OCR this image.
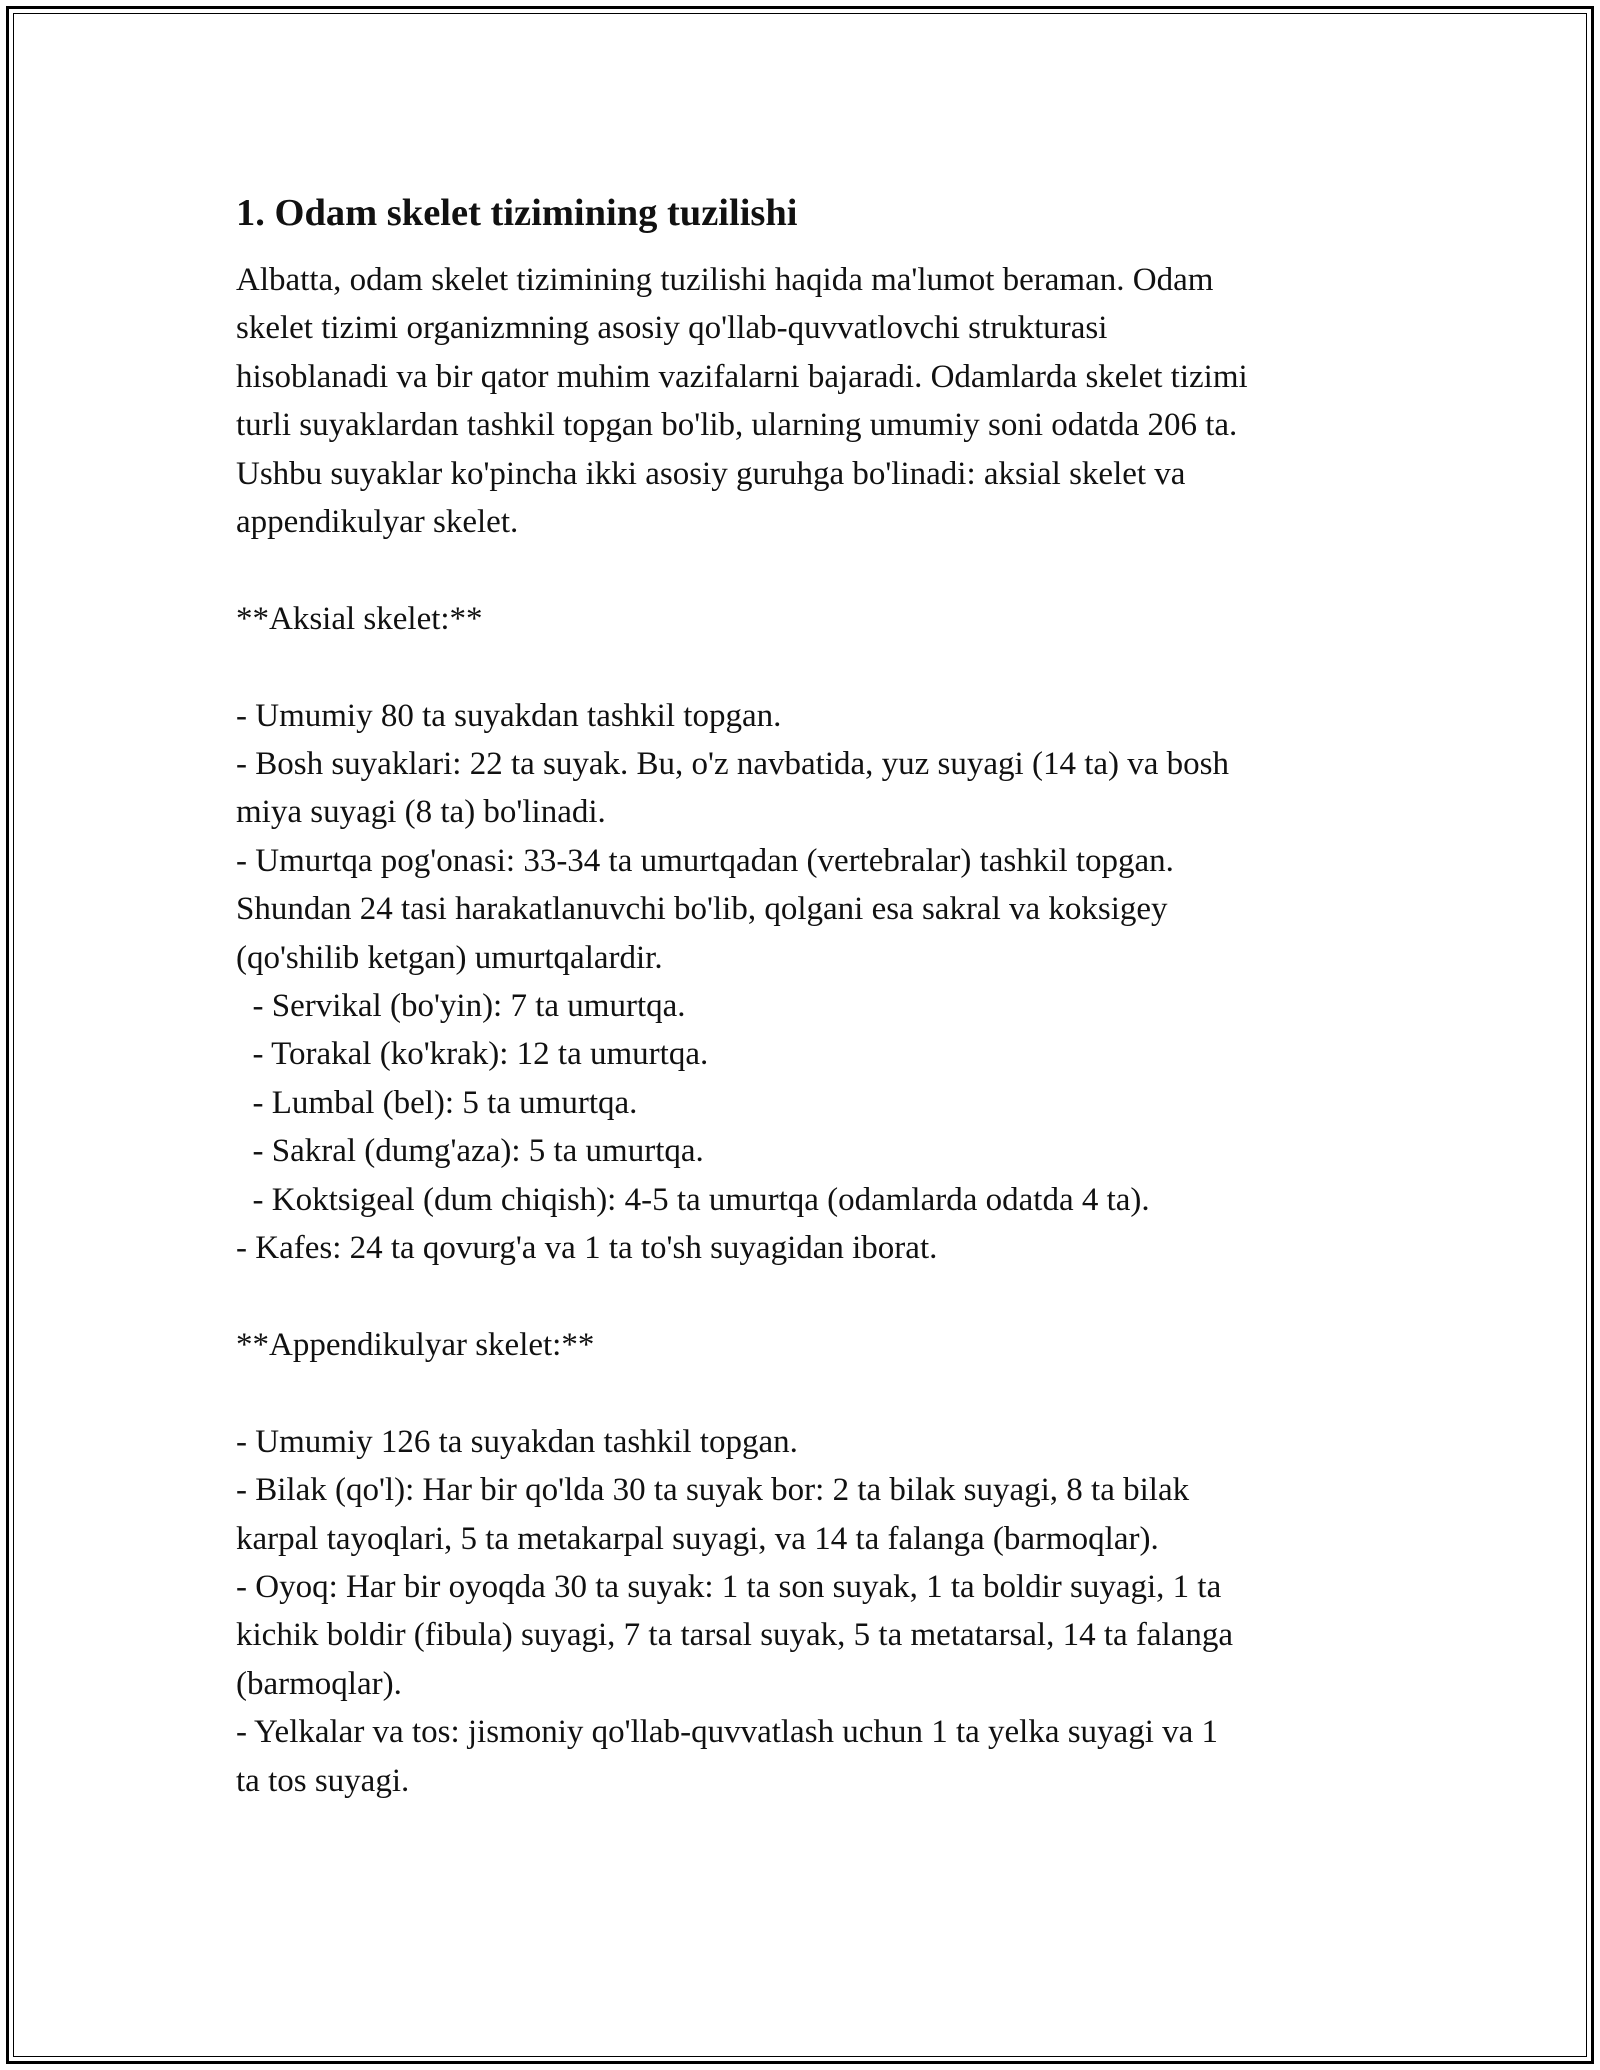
1. Odam skelet tizimining tuzilishi
Albatta, odam skelet tizimining tuzilishi haqida ma'lumot beraman. Odam
skelet tizimi organizmning asosiy qo'llab-quvvatlovchi strukturasi
hisoblanadi va bir qator muhim vazifalarni bajaradi. Odamlarda skelet tizimi
turli suyaklardan tashkil topgan bo'lib, ularning umumiy soni odatda 206 ta.
Ushbu suyaklar ko'pincha ikki asosiy guruhga bo'linadi: aksial skelet va
appendikulyar skelet.
**Aksial skelet:**
- Umumiy 80 ta suyakdan tashkil topgan.
- Bosh suyaklari: 22 ta suyak. Bu, o'z navbatida, yuz suyagi (14 ta) va bosh
miya suyagi (8 ta) bo'linadi.
- Umurtqa pog'onasi: 33-34 ta umurtqadan (vertebralar) tashkil topgan.
Shundan 24 tasi harakatlanuvchi bo'lib, qolgani esa sakral va koksigey
(qo'shilib ketgan) umurtqalardir.
- Servikal (bo'yin): 7 ta umurtqa.
- Torakal (ko'krak): 12 ta umurtqa.
- Lumbal (bel): 5 ta umurtqa.
- Sakral (dumg'aza): 5 ta umurtqa.
- Koktsigeal (dum chiqish): 4-5 ta umurtqa (odamlarda odatda 4 ta).
- Kafes: 24 ta qovurg'a va 1 ta to'sh suyagidan iborat.
**Appendikulyar skelet:**
- Umumiy 126 ta suyakdan tashkil topgan.
- Bilak (qo'l): Har bir qo'lda 30 ta suyak bor: 2 ta bilak suyagi, 8 ta bilak
karpal tayoqlari, 5 ta metakarpal suyagi, va 14 ta falanga (barmoqlar).
- Oyoq: Har bir oyoqda 30 ta suyak: 1 ta son suyak, 1 ta boldir suyagi, 1 ta
kichik boldir (fibula) suyagi, 7 ta tarsal suyak, 5 ta metatarsal, 14 ta falanga
(barmoqlar).
- Yelkalar va tos: jismoniy qo'llab-quvvatlash uchun 1 ta yelka suyagi va 1
ta tos suyagi.
